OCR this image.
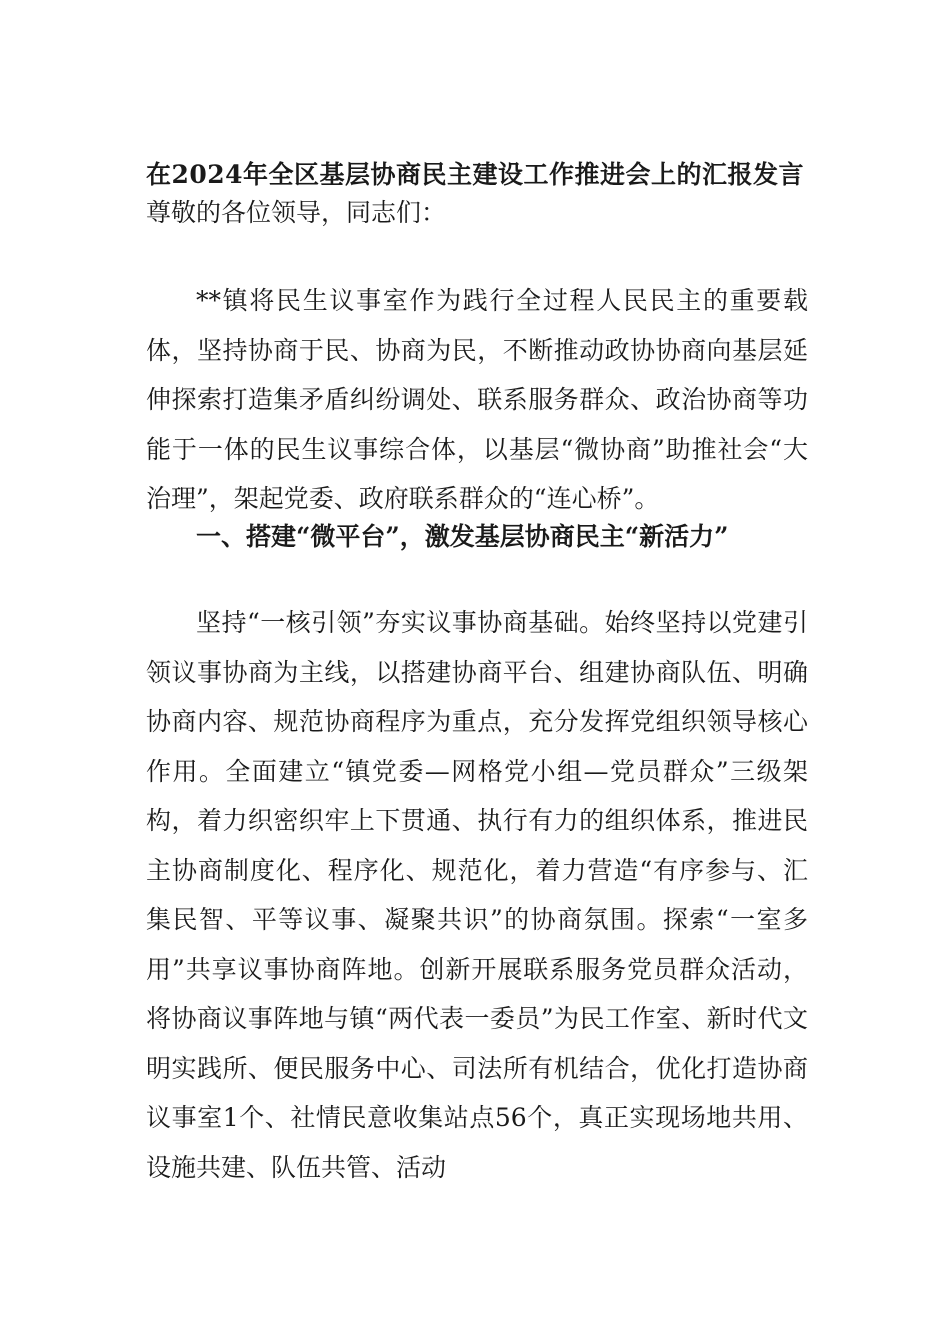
在2024年全区基层协商民主建设工作推进会上的汇报发言
尊敬的各位领导，同志们：
**镇将民生议事室作为践行全过程人民民主的重要载体，坚持协商于民、协商为民，不断推动政协协商向基层延伸探索打造集矛盾纠纷调处、联系服务群众、政治协商等功能于一体的民生议事综合体，以基层“微协商”助推社会“大治理”，架起党委、政府联系群众的“连心桥”。
一、搭建“微平台”，激发基层协商民主“新活力”
坚持“一核引领”夯实议事协商基础。始终坚持以党建引领议事协商为主线，以搭建协商平台、组建协商队伍、明确协商内容、规范协商程序为重点，充分发挥党组织领导核心作用。全面建立“镇党委—网格党小组—党员群众”三级架构，着力织密织牢上下贯通、执行有力的组织体系，推进民主协商制度化、程序化、规范化，着力营造“有序参与、汇集民智、平等议事、凝聚共识”的协商氛围。探索“一室多用”共享议事协商阵地。创新开展联系服务党员群众活动，将协商议事阵地与镇“两代表一委员”为民工作室、新时代文明实践所、便民服务中心、司法所有机结合，优化打造协商议事室1个、社情民意收集站点56个，真正实现场地共用、设施共建、队伍共管、活动
